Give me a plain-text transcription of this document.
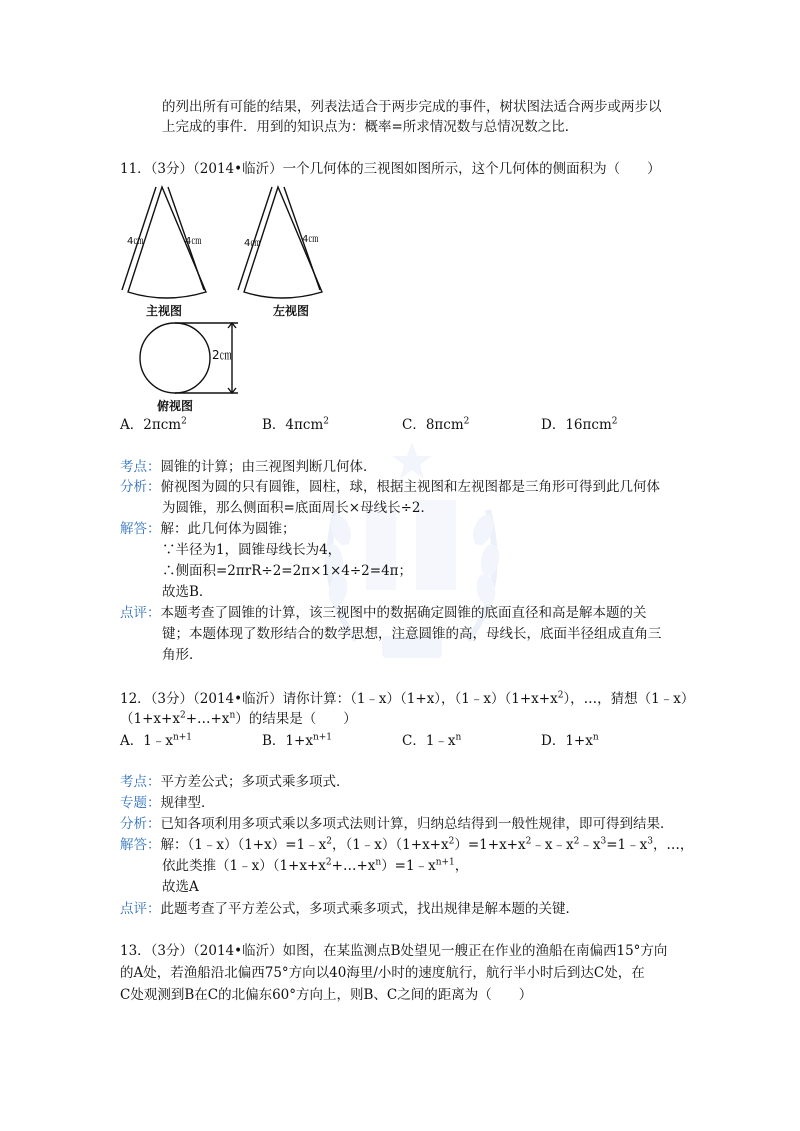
的列出所有可能的结果，列表法适合于两步完成的事件，树状图法适合两步或两步以
上完成的事件．用到的知识点为：概率=所求情况数与总情况数之比．
11．（3分）（2014•临沂）一个几何体的三视图如图所示，这个几何体的侧面积为（　　）
4㎝	4㎝	4㎝	4㎝
主视图	左视图
2㎝
俯视图
A．2πcm$^2$	B．4πcm$^2$	C．8πcm$^2$	D．16πcm$^2$
考点：圆锥的计算；由三视图判断几何体．
分析：俯视图为圆的只有圆锥，圆柱，球，根据主视图和左视图都是三角形可得到此几何体
为圆锥，那么侧面积=底面周长×母线长÷2．
解答：解：此几何体为圆锥；
∵半径为1，圆锥母线长为4，
∴侧面积=2πrR÷2=2π×1×4÷2=4π；
故选B．
点评：本题考查了圆锥的计算，该三视图中的数据确定圆锥的底面直径和高是解本题的关
键；本题体现了数形结合的数学思想，注意圆锥的高，母线长，底面半径组成直角三
角形．
12．（3分）（2014•临沂）请你计算：（1﹣x）（1+x），$(1﹣x)(1+x+x^2)$，…，猜想（1﹣x）
$(1+x+x^2+\dots+x^n)$的结果是（　　）
A．$1﹣x^{n+1}$	B．$1+x^{n+1}$	C．$1﹣x^n$	D．$1+x^n$
考点：平方差公式；多项式乘多项式．
专题：规律型．
分析：已知各项利用多项式乘以多项式法则计算，归纳总结得到一般性规律，即可得到结果．
解答：解：$(1﹣x)(1+x)=1﹣x^2$，$(1﹣x)(1+x+x^2)=1+x+x^2﹣x﹣x^2﹣x^3=1﹣x^3$，…，
依此类推$(1﹣x)(1+x+x^2+\dots+x^n)=1﹣x^{n+1}$，
故选A
点评：此题考查了平方差公式，多项式乘多项式，找出规律是解本题的关键．
13．（3分）（2014•临沂）如图，在某监测点B处望见一艘正在作业的渔船在南偏西15°方向
的A处，若渔船沿北偏西75°方向以40海里/小时的速度航行，航行半小时后到达C处，在
C处观测到B在C的北偏东60°方向上，则B、C之间的距离为（　　）
